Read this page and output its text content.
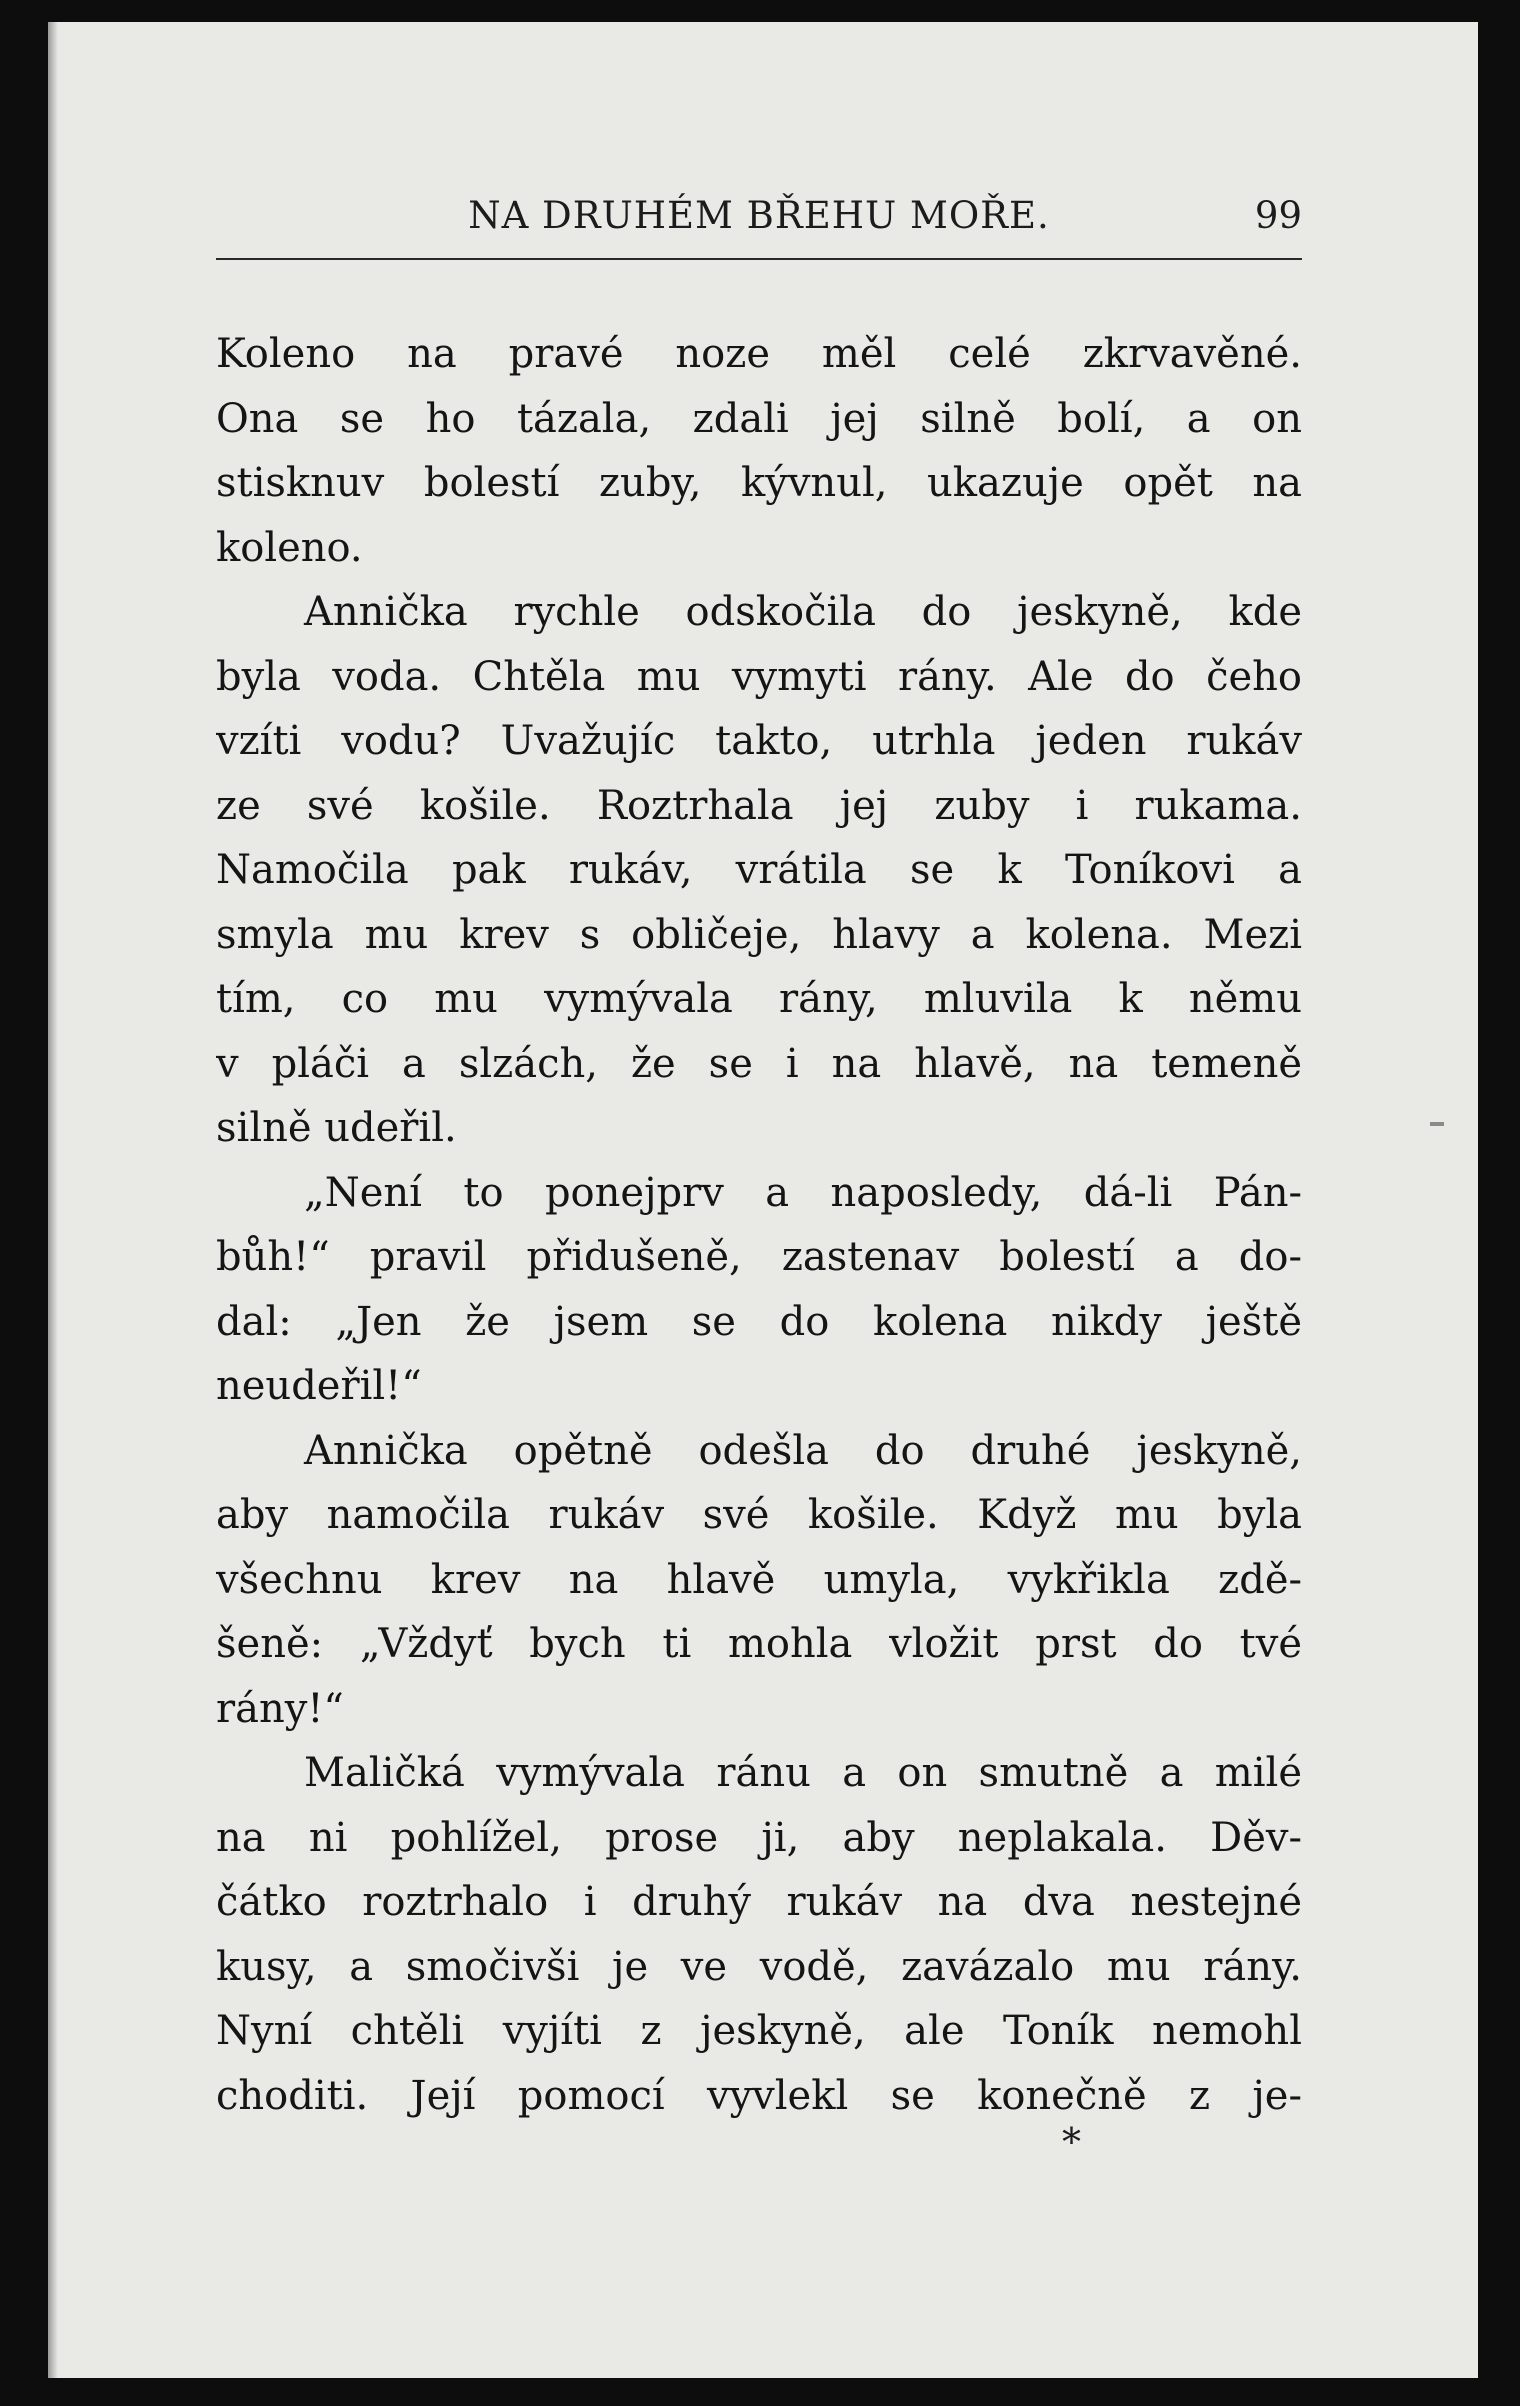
NA DRUHÉM BŘEHU MOŘE.	99
Koleno na pravé noze měl celé zkrvavěné.
Ona se ho tázala, zdali jej silně bolí, a on
stisknuv bolestí zuby, kývnul, ukazuje opět na
koleno.
Annička rychle odskočila do jeskyně, kde
byla voda. Chtěla mu vymyti rány. Ale do čeho
vzíti vodu? Uvažujíc takto, utrhla jeden rukáv
ze své košile. Roztrhala jej zuby i rukama.
Namočila pak rukáv, vrátila se k Toníkovi a
smyla mu krev s obličeje, hlavy a kolena. Mezi
tím, co mu vymývala rány, mluvila k němu
v pláči a slzách, že se i na hlavě, na temeně
silně udeřil.
„Není to ponejprv a naposledy, dá-li Pán-
bůh!“ pravil přidušeně, zastenav bolestí a do-
dal: „Jen že jsem se do kolena nikdy ještě
neudeřil!“
Annička opětně odešla do druhé jeskyně,
aby namočila rukáv své košile. Když mu byla
všechnu krev na hlavě umyla, vykřikla zdě-
šeně: „Vždyť bych ti mohla vložit prst do tvé
rány!“
Maličká vymývala ránu a on smutně a milé
na ni pohlížel, prose ji, aby neplakala. Děv-
čátko roztrhalo i druhý rukáv na dva nestejné
kusy, a smočivši je ve vodě, zavázalo mu rány.
Nyní chtěli vyjíti z jeskyně, ale Toník nemohl
choditi. Její pomocí vyvlekl se konečně z je-
*
